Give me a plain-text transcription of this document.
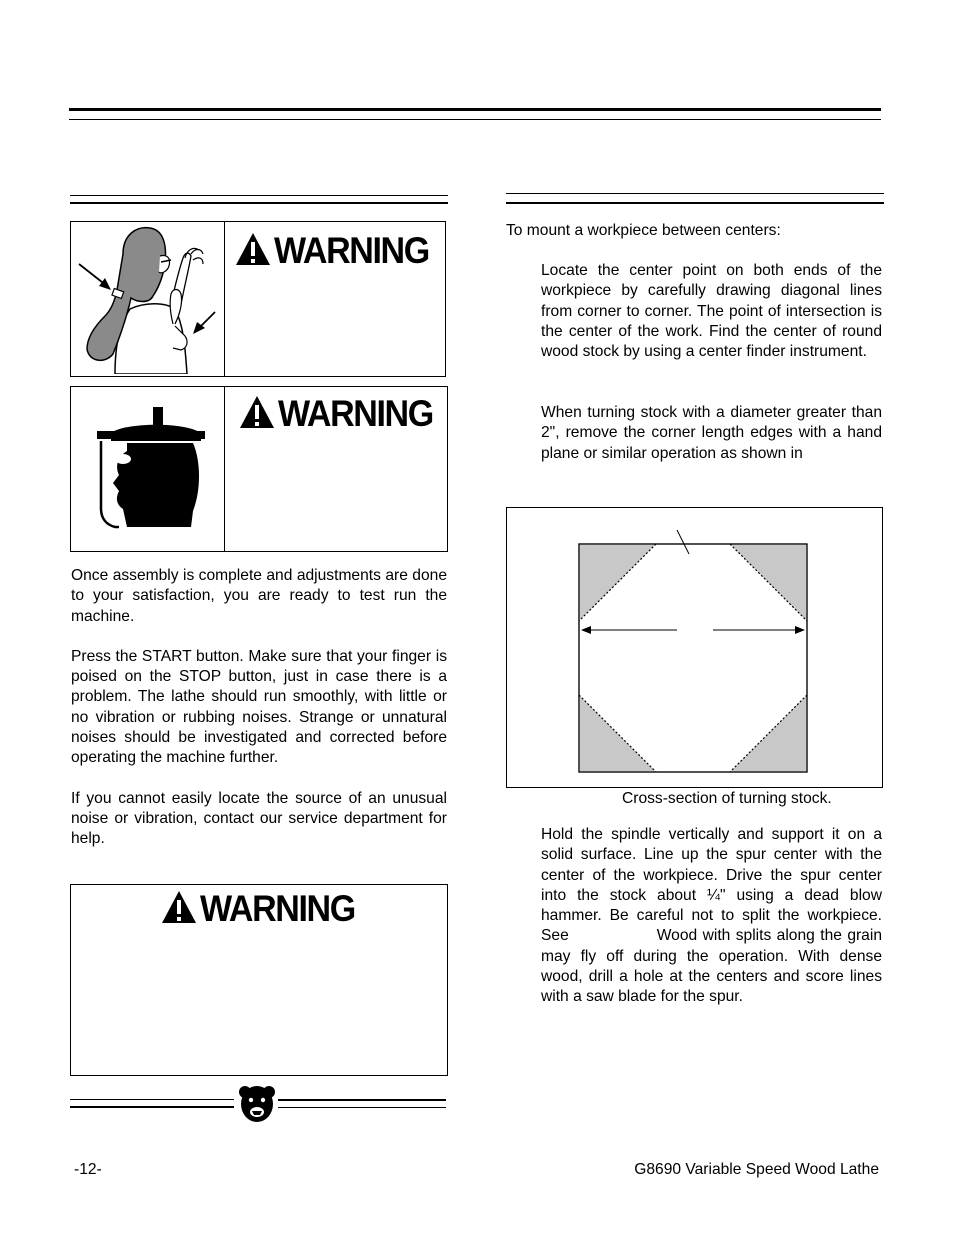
WARNING
WARNING

Once assembly is complete and adjustments are done to your satisfaction, you are ready to test run the machine.

Press the START button. Make sure that your finger is poised on the STOP button, just in case there is a problem. The lathe should run smoothly, with little or no vibration or rubbing noises. Strange or unnatural noises should be investigated and corrected before operating the machine further.

If you cannot easily locate the source of an unusual noise or vibration, contact our service department for help.

WARNING
To mount a workpiece between centers:
Locate the center point on both ends of the workpiece by carefully drawing diagonal lines from corner to corner. The point of intersection is the center of the work. Find the center of round wood stock by using a center finder instrument.
When turning stock with a diameter greater than 2", remove the corner length edges with a hand plane or similar operation as shown in
Cross-section of turning stock.
Hold the spindle vertically and support it on a solid surface. Line up the spur center with the center of the workpiece. Drive the spur center into the stock about ¼" using a dead blow hammer. Be careful not to split the workpiece. See	Wood with splits along the grain may fly off during the operation. With dense wood, drill a hole at the centers and score lines with a saw blade for the spur.
-12-	G8690 Variable Speed Wood Lathe
